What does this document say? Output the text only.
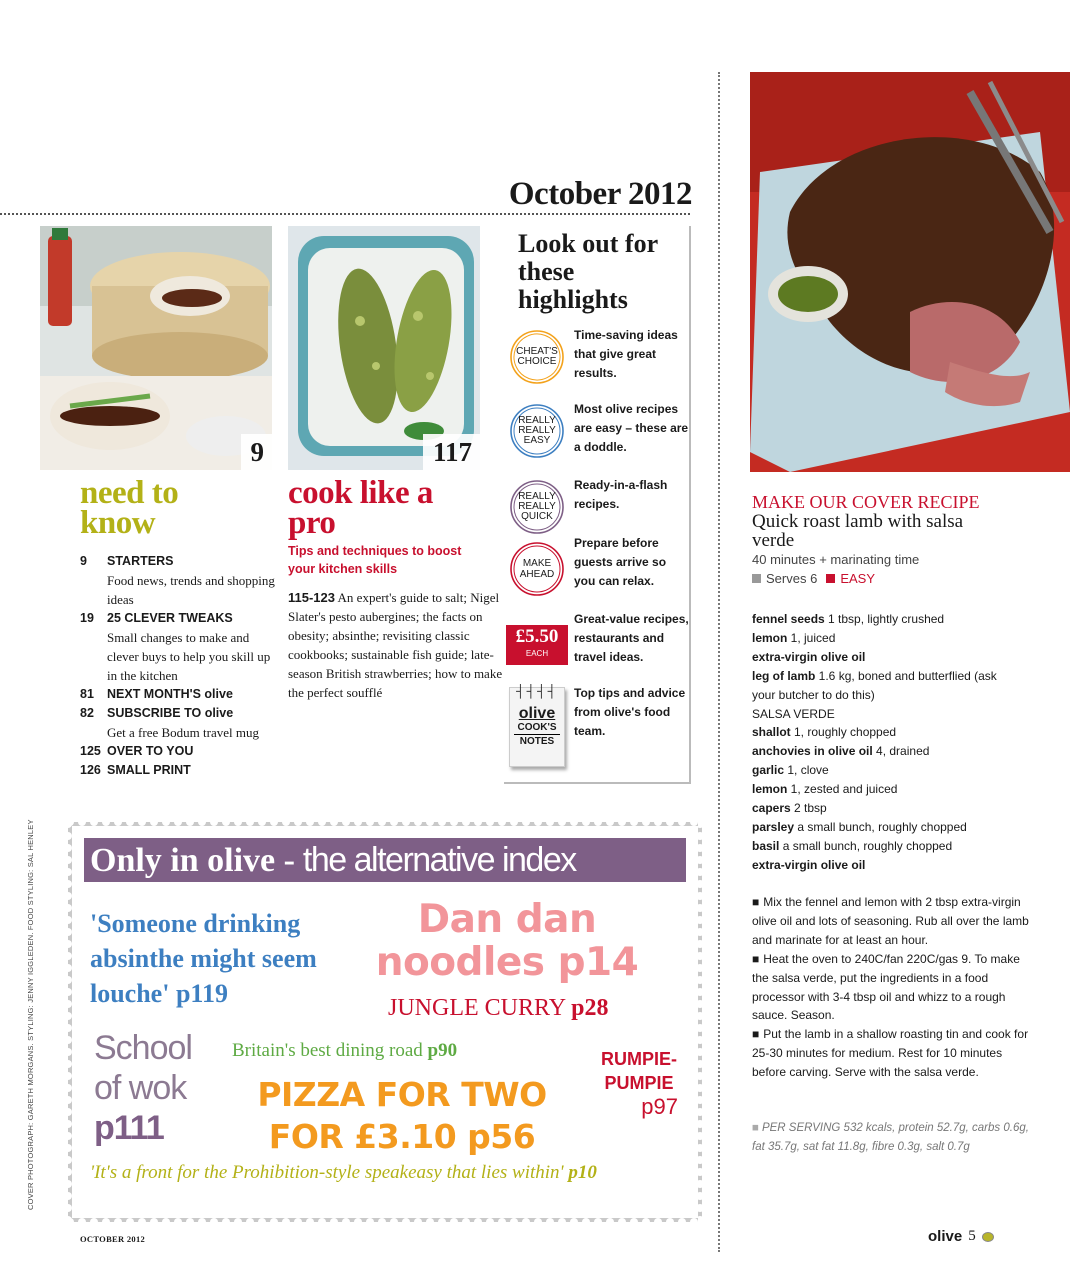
October 2012
9	117
need to know
9	STARTERS
Food news, trends and shopping ideas
19	25 CLEVER TWEAKS
Small changes to make and clever buys to help you skill up in the kitchen
81	NEXT MONTH'S olive
82	SUBSCRIBE TO olive
Get a free Bodum travel mug
125 OVER TO YOU
126 SMALL PRINT
cook like a pro
Tips and techniques to boost your kitchen skills
115-123 An expert's guide to salt; Nigel Slater's pesto aubergines; the facts on obesity; absinthe; revisiting classic cookbooks; sustainable fish guide; late-season British strawberries; how to make the perfect soufflé
Look out for these highlights
CHEAT'S CHOICE
Time-saving ideas that give great results.
REALLY REALLY EASY
Most olive recipes are easy – these are a doddle.
REALLY REALLY QUICK
Ready-in-a-flash recipes.
MAKE AHEAD
Prepare before guests arrive so you can relax.
£5.50
EACH
Great-value recipes, restaurants and travel ideas.
┤┤┤┤
olive
COOK'S
NOTES
Top tips and advice from olive's food team.
Only in olive - the alternative index
'Someone drinking absinthe might seem louche' p119
Dan dan noodles p14
JUNGLE CURRY p28
School of wok
p111
Britain's best dining road p90	RUMPIE-PUMPIE
p97
PIZZA FOR TWO FOR £3.10 p56
'It's a front for the Prohibition-style speakeasy that lies within' p10
COVER PHOTOGRAPH: GARETH MORGANS. STYLING: JENNY IGGLEDEN. FOOD STYLING: SAL HENLEY
MAKE OUR COVER RECIPE
Quick roast lamb with salsa verde
40 minutes + marinating time
Serves 6 EASY
fennel seeds 1 tbsp, lightly crushed
lemon 1, juiced
extra-virgin olive oil
leg of lamb 1.6 kg, boned and butterflied (ask your butcher to do this)
SALSA VERDE
shallot 1, roughly chopped
anchovies in olive oil 4, drained
garlic 1, clove
lemon 1, zested and juiced
capers 2 tbsp
parsley a small bunch, roughly chopped
basil a small bunch, roughly chopped
extra-virgin olive oil
■ Mix the fennel and lemon with 2 tbsp extra-virgin olive oil and lots of seasoning. Rub all over the lamb and marinate for at least an hour.
■ Heat the oven to 240C/fan 220C/gas 9. To make the salsa verde, put the ingredients in a food processor with 3-4 tbsp oil and whizz to a rough sauce. Season.
■ Put the lamb in a shallow roasting tin and cook for 25-30 minutes for medium. Rest for 10 minutes before carving. Serve with the salsa verde.
■ PER SERVING 532 kcals, protein 52.7g, carbs 0.6g, fat 35.7g, sat fat 11.8g, fibre 0.3g, salt 0.7g
OCTOBER 2012	olive 5
